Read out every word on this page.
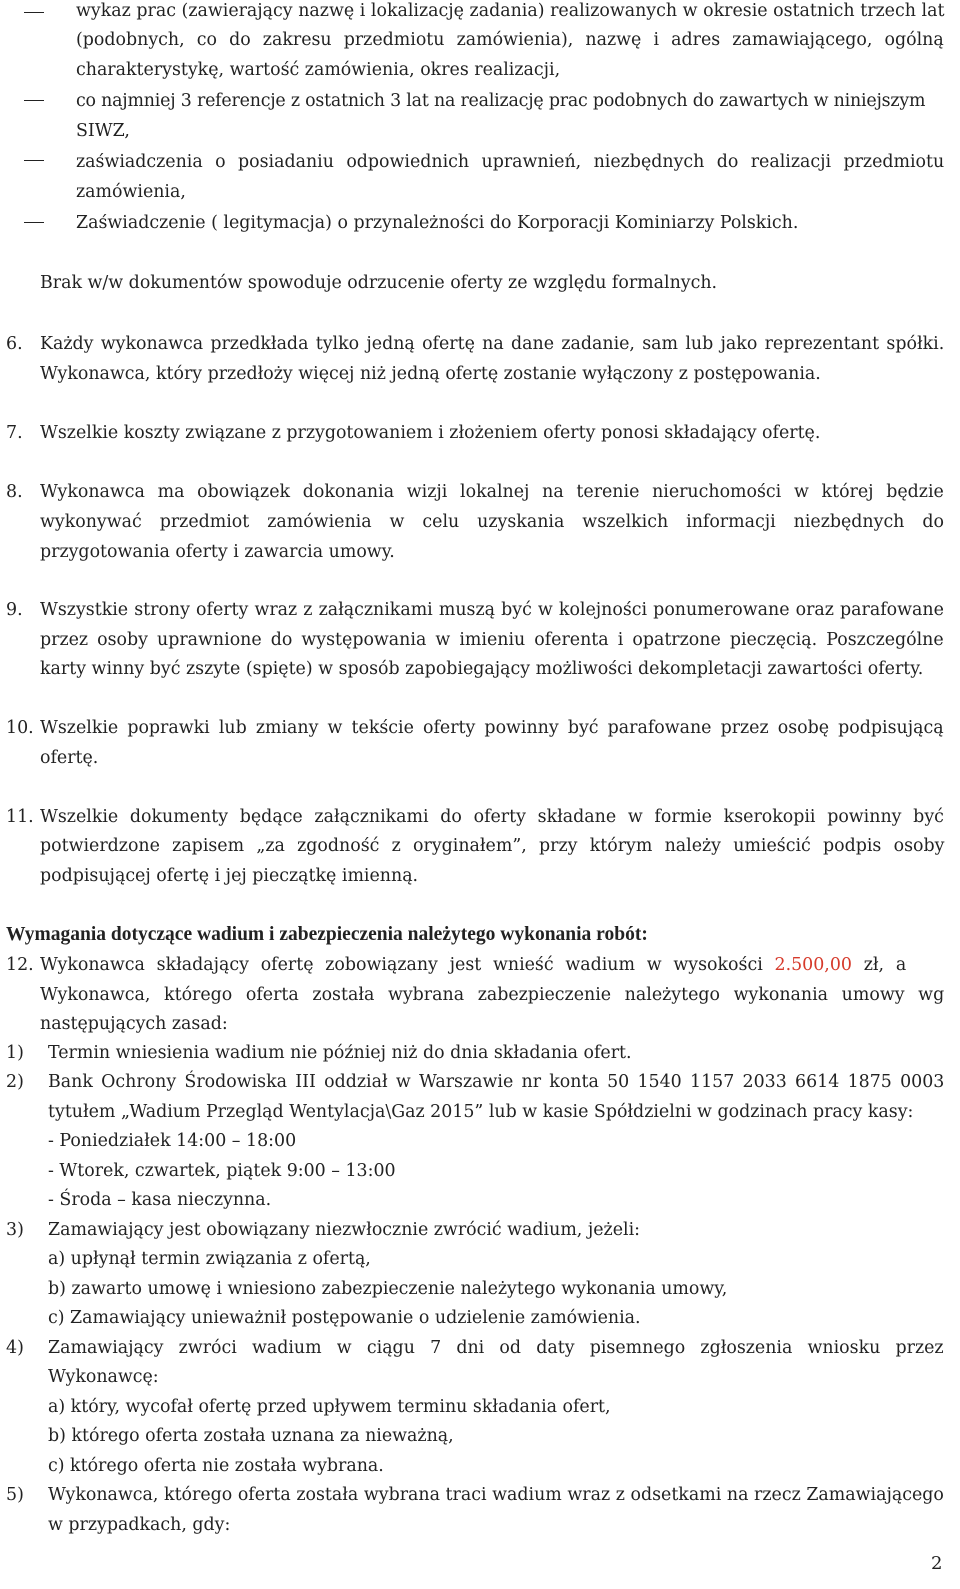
wykaz prac (zawierający nazwę i lokalizację zadania) realizowanych w okresie ostatnich trzech lat
(podobnych, co do zakresu przedmiotu zamówienia), nazwę i adres zamawiającego, ogólną
charakterystykę, wartość zamówienia, okres realizacji,
co najmniej 3 referencje z ostatnich 3 lat na realizację prac podobnych do zawartych w niniejszym
SIWZ,
zaświadczenia o posiadaniu odpowiednich uprawnień, niezbędnych do realizacji przedmiotu
zamówienia,
Zaświadczenie ( legitymacja) o przynależności do Korporacji Kominiarzy Polskich.
Brak w/w dokumentów spowoduje odrzucenie oferty ze względu formalnych.
6. Każdy wykonawca przedkłada tylko jedną ofertę na dane zadanie, sam lub jako reprezentant spółki.
Wykonawca, który przedłoży więcej niż jedną ofertę zostanie wyłączony z postępowania.
7. Wszelkie koszty związane z przygotowaniem i złożeniem oferty ponosi składający ofertę.
8. Wykonawca ma obowiązek dokonania wizji lokalnej na terenie nieruchomości w której będzie
wykonywać przedmiot zamówienia w celu uzyskania wszelkich informacji niezbędnych do
przygotowania oferty i zawarcia umowy.
9. Wszystkie strony oferty wraz z załącznikami muszą być w kolejności ponumerowane oraz parafowane
przez osoby uprawnione do występowania w imieniu oferenta i opatrzone pieczęcią. Poszczególne
karty winny być zszyte (spięte) w sposób zapobiegający możliwości dekompletacji zawartości oferty.
10. Wszelkie poprawki lub zmiany w tekście oferty powinny być parafowane przez osobę podpisującą
ofertę.
11. Wszelkie dokumenty będące załącznikami do oferty składane w formie kserokopii powinny być
potwierdzone zapisem „za zgodność z oryginałem”, przy którym należy umieścić podpis osoby
podpisującej ofertę i jej pieczątkę imienną.
Wymagania dotyczące wadium i zabezpieczenia należytego wykonania robót:
12. Wykonawca składający ofertę zobowiązany jest wnieść wadium w wysokości 2.500,00 zł, a
Wykonawca, którego oferta została wybrana zabezpieczenie należytego wykonania umowy wg
następujących zasad:
1) Termin wniesienia wadium nie później niż do dnia składania ofert.
2) Bank Ochrony Środowiska III oddział w Warszawie nr konta 50 1540 1157 2033 6614 1875 0003
tytułem „Wadium Przegląd Wentylacja\Gaz 2015” lub w kasie Spółdzielni w godzinach pracy kasy:
- Poniedziałek 14:00 – 18:00
- Wtorek, czwartek, piątek 9:00 – 13:00
- Środa – kasa nieczynna.
3) Zamawiający jest obowiązany niezwłocznie zwrócić wadium, jeżeli:
a) upłynął termin związania z ofertą,
b) zawarto umowę i wniesiono zabezpieczenie należytego wykonania umowy,
c) Zamawiający unieważnił postępowanie o udzielenie zamówienia.
4) Zamawiający zwróci wadium w ciągu 7 dni od daty pisemnego zgłoszenia wniosku przez
Wykonawcę:
a) który, wycofał ofertę przed upływem terminu składania ofert,
b) którego oferta została uznana za nieważną,
c) którego oferta nie została wybrana.
5) Wykonawca, którego oferta została wybrana traci wadium wraz z odsetkami na rzecz Zamawiającego
w przypadkach, gdy:
2
